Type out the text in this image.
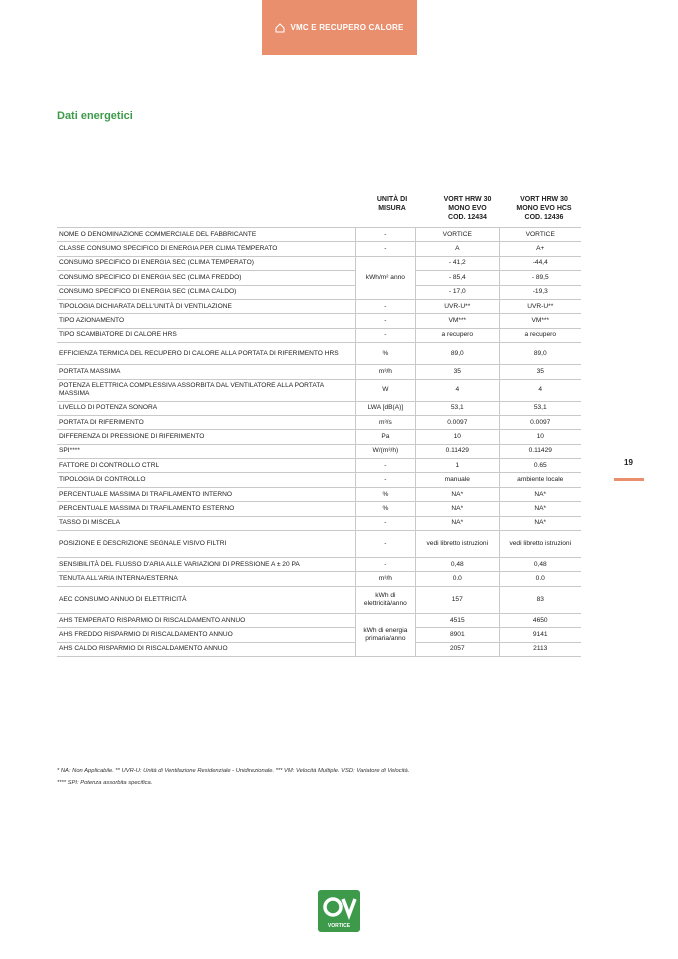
VMC E RECUPERO CALORE
Dati energetici
UNITÀ DI MISURA
VORT HRW 30
MONO EVO
COD. 12434
VORT HRW 30
MONO EVO HCS
COD. 12436
NOME O DENOMINAZIONE COMMERCIALE DEL FABBRICANTE	-	VORTICE	VORTICE
CLASSE CONSUMO SPECIFICO DI ENERGIA PER CLIMA TEMPERATO	-	A	A+
CONSUMO SPECIFICO DI ENERGIA SEC (CLIMA TEMPERATO)	kWh/m² anno	- 41,2	-44,4
CONSUMO SPECIFICO DI ENERGIA SEC (CLIMA FREDDO)		- 85,4	- 89,5
CONSUMO SPECIFICO DI ENERGIA SEC (CLIMA CALDO)		- 17,0	-19,3
TIPOLOGIA DICHIARATA DELL'UNITÀ DI VENTILAZIONE	-	UVR-U**	UVR-U**
TIPO AZIONAMENTO	-	VM***	VM***
TIPO SCAMBIATORE DI CALORE HRS	-	a recupero	a recupero
EFFICIENZA TERMICA DEL RECUPERO DI CALORE ALLA PORTATA DI RIFERIMENTO HRS	%	89,0	89,0
PORTATA MASSIMA	m³/h	35	35
POTENZA ELETTRICA COMPLESSIVA ASSORBITA DAL VENTILATORE ALLA PORTATA MASSIMA	W	4	4
LIVELLO DI POTENZA SONORA	LWA [dB(A)]	53,1	53,1
PORTATA DI RIFERIMENTO	m³/s	0.0097	0.0097
DIFFERENZA DI PRESSIONE DI RIFERIMENTO	Pa	10	10
SPI****	W/(m³/h)	0.11429	0.11429
FATTORE DI CONTROLLO CTRL	-	1	0.65
TIPOLOGIA DI CONTROLLO	-	manuale	ambiente locale
PERCENTUALE MASSIMA DI TRAFILAMENTO INTERNO	%	NA*	NA*
PERCENTUALE MASSIMA DI TRAFILAMENTO ESTERNO	%	NA*	NA*
TASSO DI MISCELA	-	NA*	NA*
POSIZIONE E DESCRIZIONE SEGNALE VISIVO FILTRI	-	vedi libretto istruzioni	vedi libretto istruzioni
SENSIBILITÀ DEL FLUSSO D'ARIA ALLE VARIAZIONI DI PRESSIONE A ± 20 PA	-	0,48	0,48
TENUTA ALL'ARIA INTERNA/ESTERNA	m³/h	0.0	0.0
AEC CONSUMO ANNUO DI ELETTRICITÀ	kWh di elettricità/anno	157	83
AHS TEMPERATO RISPARMIO DI RISCALDAMENTO ANNUO	kWh di energia primaria/anno	4515	4650
AHS FREDDO RISPARMIO DI RISCALDAMENTO ANNUO		8901	9141
AHS CALDO RISPARMIO DI RISCALDAMENTO ANNUO		2057	2113
19
* NA: Non Applicabile. ** UVR-U: Unità di Ventilazione Residenziale - Unidirezionale. *** VM: Velocità Multiple. VSD: Variatore di Velocità.
**** SPI: Potenza assorbita specifica.
VORTICE
